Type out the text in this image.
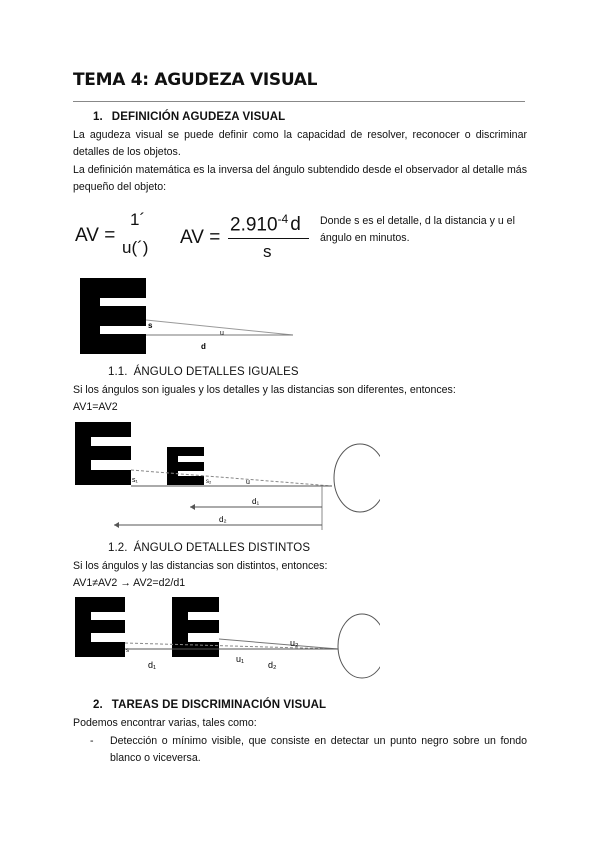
TEMA 4: AGUDEZA VISUAL
1. DEFINICIÓN AGUDEZA VISUAL
La agudeza visual se puede definir como la capacidad de resolver, reconocer o discriminar detalles de los objetos.
La definición matemática es la inversa del ángulo subtendido desde el observador al detalle más pequeño del objeto:
AV =
1´
u(´) AV =
$2.910^{-4}$ d
s
Donde s es el detalle, d la distancia y u el ángulo en minutos.
s
u
d
1.1. ÁNGULO DETALLES IGUALES
Si los ángulos son iguales y los detalles y las distancias son diferentes, entonces:
AV1=AV2
s₁	s₂	u
d₁
d₂
1.2. ÁNGULO DETALLES DISTINTOS
Si los ángulos y las distancias son distintos, entonces:
AV1≠AV2 → AV2=d2/d1
s
u₁
u₂
d₁	d₂
2. TAREAS DE DISCRIMINACIÓN VISUAL
Podemos encontrar varias, tales como:
- Detección o mínimo visible, que consiste en detectar un punto negro sobre un fondo blanco o viceversa.
